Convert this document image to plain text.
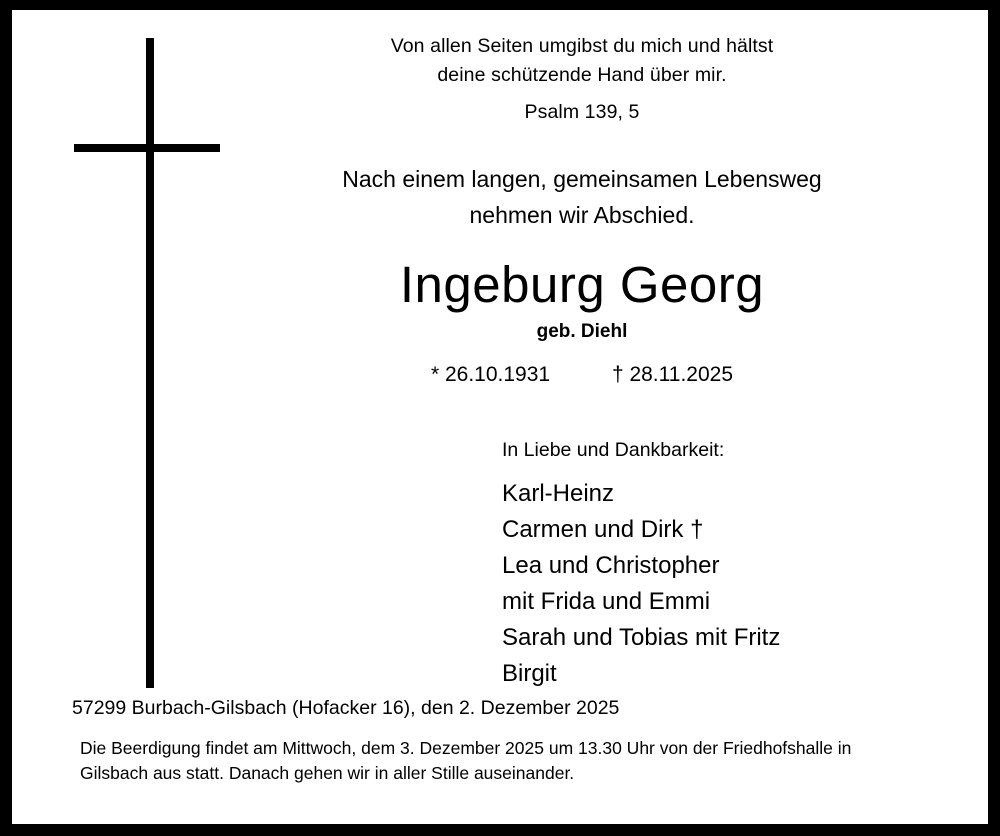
Von allen Seiten umgibst du mich und hältst
deine schützende Hand über mir.
Psalm 139, 5
Nach einem langen, gemeinsamen Lebensweg
nehmen wir Abschied.
Ingeburg Georg
geb. Diehl
* 26.10.1931	† 28.11.2025
In Liebe und Dankbarkeit:
Karl-Heinz
Carmen und Dirk †
Lea und Christopher
mit Frida und Emmi
Sarah und Tobias mit Fritz
Birgit
57299 Burbach-Gilsbach (Hofacker 16), den 2. Dezember 2025
Die Beerdigung findet am Mittwoch, dem 3. Dezember 2025 um 13.30 Uhr von der Friedhofshalle in
Gilsbach aus statt. Danach gehen wir in aller Stille auseinander.
